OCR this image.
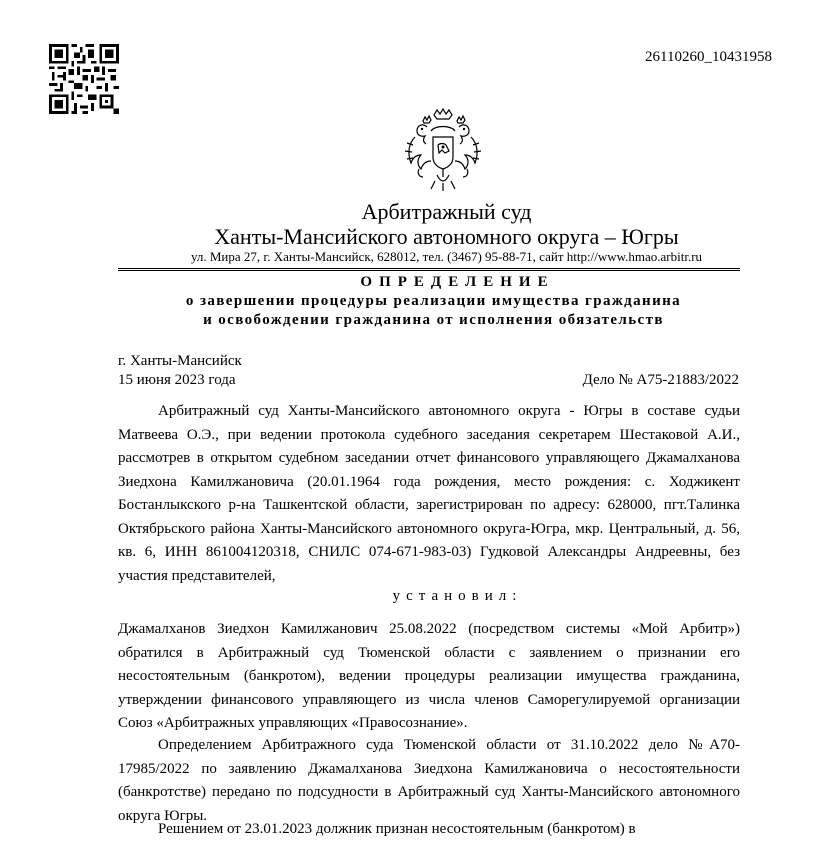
26110260_10431958
Арбитражный суд
Ханты-Мансийского автономного округа – Югры
ул. Мира 27, г. Ханты-Мансийск, 628012, тел. (3467) 95-88-71, сайт http://www.hmao.arbitr.ru
ОПРЕДЕЛЕНИЕ
о завершении процедуры реализации имущества гражданина
и освобождении гражданина от исполнения обязательств
г. Ханты-Мансийск
15 июня 2023 года	Дело № А75-21883/2022

Арбитражный суд Ханты-Мансийского автономного округа - Югры в составе судьи Матвеева О.Э., при ведении протокола судебного заседания секретарем Шестаковой А.И., рассмотрев в открытом судебном заседании отчет финансового управляющего Джамалханова Зиедхона Камилжановича (20.01.1964 года рождения, место рождения: с. Ходжикент Бостанлыкского р-на Ташкентской области, зарегистрирован по адресу: 628000, пгт.Талинка Октябрьского района Ханты-Мансийского автономного округа-Югра, мкр. Центральный, д. 56, кв. 6, ИНН 861004120318, СНИЛС 074-671-983-03) Гудковой Александры Андреевны, без участия представителей,

установил:

Джамалханов Зиедхон Камилжанович 25.08.2022 (посредством системы «Мой Арбитр») обратился в Арбитражный суд Тюменской области с заявлением о признании его несостоятельным (банкротом), ведении процедуры реализации имущества гражданина, утверждении финансового управляющего из числа членов Саморегулируемой организации Союз «Арбитражных управляющих «Правосознание».

Определением Арбитражного суда Тюменской области от 31.10.2022 дело №А70-17985/2022 по заявлению Джамалханова Зиедхона Камилжановича о несостоятельности (банкротстве) передано по подсудности в Арбитражный суд Ханты-Мансийского автономного округа Югры.

Решением от 23.01.2023 должник признан несостоятельным (банкротом) в
